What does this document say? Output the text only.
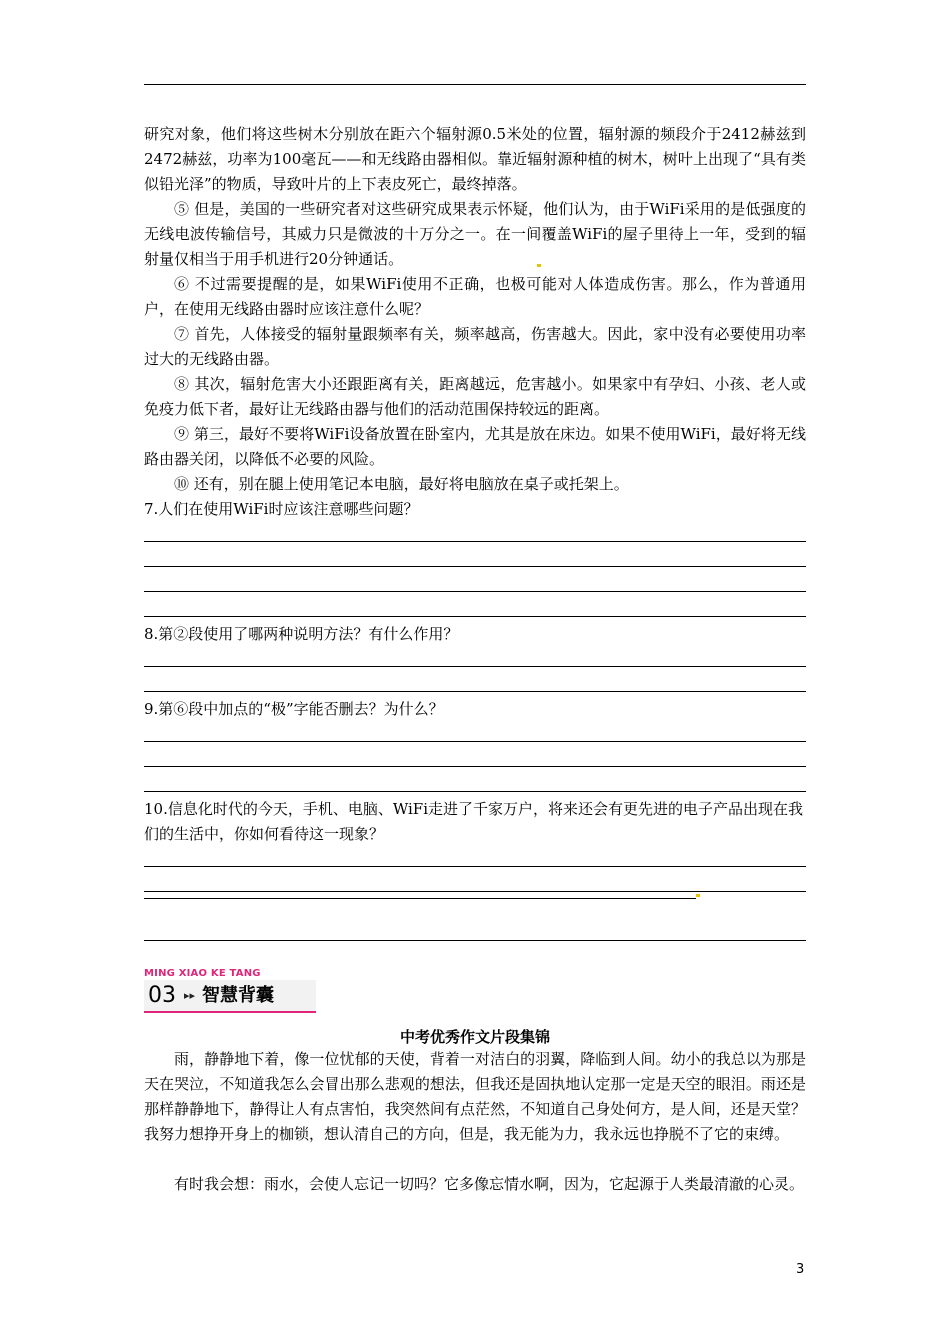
研究对象，他们将这些树木分别放在距六个辐射源0.5米处的位置，辐射源的频段介于2412赫兹到2472赫兹，功率为100毫瓦——和无线路由器相似。靠近辐射源种植的树木，树叶上出现了“具有类似铅光泽”的物质，导致叶片的上下表皮死亡，最终掉落。

⑤ 但是，美国的一些研究者对这些研究成果表示怀疑，他们认为，由于WiFi采用的是低强度的无线电波传输信号，其威力只是微波的十万分之一。在一间覆盖WiFi的屋子里待上一年，受到的辐射量仅相当于用手机进行20分钟通话。

⑥ 不过需要提醒的是，如果WiFi使用不正确，也极可能对人体造成伤害。那么，作为普通用户，在使用无线路由器时应该注意什么呢？

⑦ 首先，人体接受的辐射量跟频率有关，频率越高，伤害越大。因此，家中没有必要使用功率过大的无线路由器。

⑧ 其次，辐射危害大小还跟距离有关，距离越远，危害越小。如果家中有孕妇、小孩、老人或免疫力低下者，最好让无线路由器与他们的活动范围保持较远的距离。

⑨ 第三，最好不要将WiFi设备放置在卧室内，尤其是放在床边。如果不使用WiFi，最好将无线路由器关闭，以降低不必要的风险。

⑩ 还有，别在腿上使用笔记本电脑，最好将电脑放在桌子或托架上。

7.人们在使用WiFi时应该注意哪些问题？

8.第②段使用了哪两种说明方法？有什么作用？

9.第⑥段中加点的“极”字能否删去？为什么？

10.信息化时代的今天，手机、电脑、WiFi走进了千家万户，将来还会有更先进的电子产品出现在我们的生活中，你如何看待这一现象？

MING XIAO KE TANG
03 ▸▸ 智慧背囊
中考优秀作文片段集锦

雨，静静地下着，像一位忧郁的天使，背着一对洁白的羽翼，降临到人间。幼小的我总以为那是天在哭泣，不知道我怎么会冒出那么悲观的想法，但我还是固执地认定那一定是天空的眼泪。雨还是那样静静地下，静得让人有点害怕，我突然间有点茫然，不知道自己身处何方，是人间，还是天堂？我努力想挣开身上的枷锁，想认清自己的方向，但是，我无能为力，我永远也挣脱不了它的束缚。

有时我会想：雨水，会使人忘记一切吗？它多像忘情水啊，因为，它起源于人类最清澈的心灵。

3
